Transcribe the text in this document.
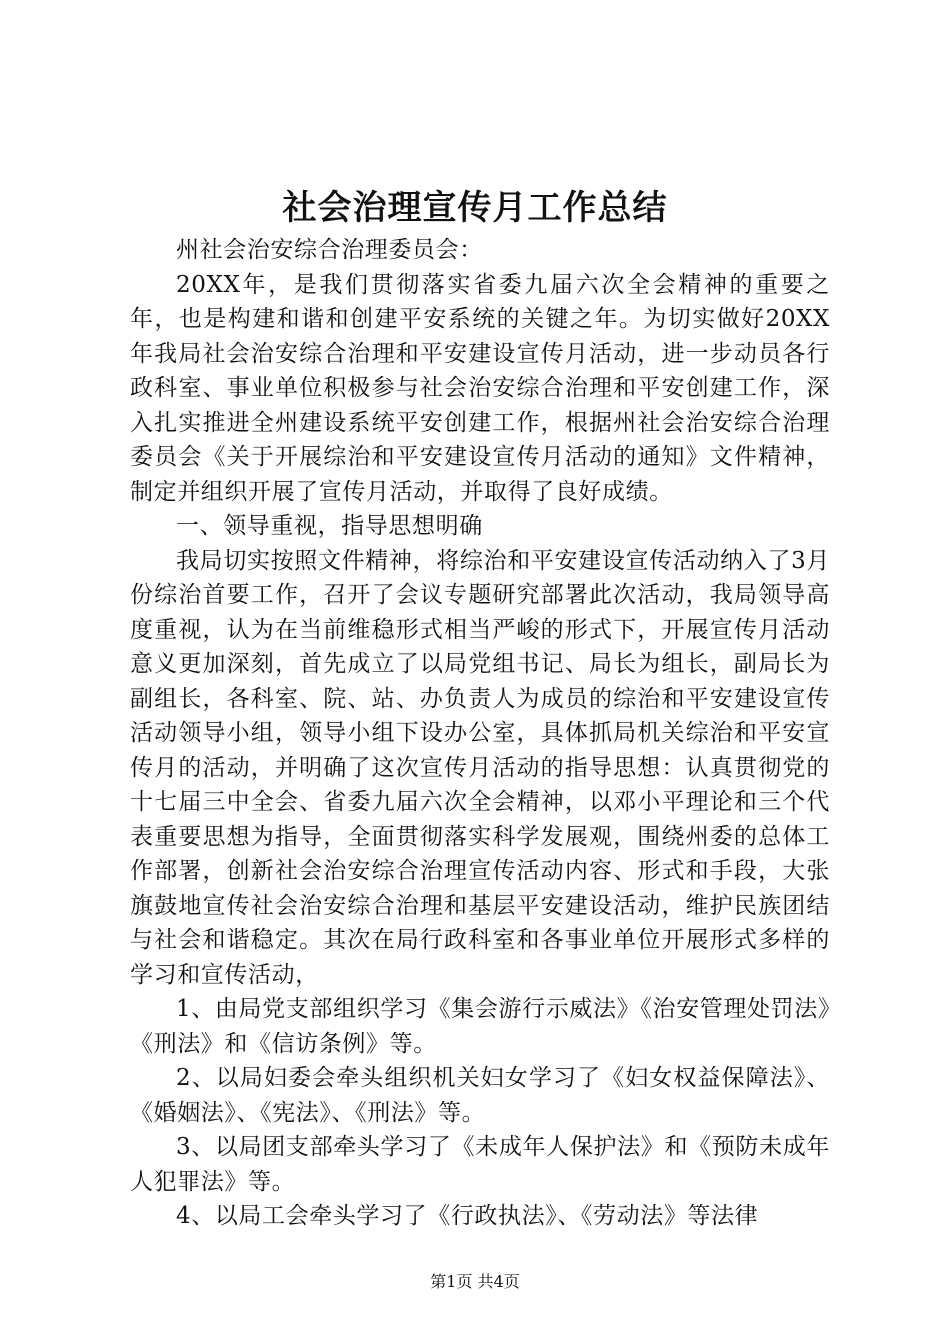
社会治理宣传月工作总结

州社会治安综合治理委员会：

20XX年，是我们贯彻落实省委九届六次全会精神的重要之年，也是构建和谐和创建平安系统的关键之年。为切实做好20XX年我局社会治安综合治理和平安建设宣传月活动，进一步动员各行政科室、事业单位积极参与社会治安综合治理和平安创建工作，深入扎实推进全州建设系统平安创建工作，根据州社会治安综合治理委员会《关于开展综治和平安建设宣传月活动的通知》文件精神，制定并组织开展了宣传月活动，并取得了良好成绩。

一、领导重视，指导思想明确

我局切实按照文件精神，将综治和平安建设宣传活动纳入了3月份综治首要工作，召开了会议专题研究部署此次活动，我局领导高度重视，认为在当前维稳形式相当严峻的形式下，开展宣传月活动意义更加深刻，首先成立了以局党组书记、局长为组长，副局长为副组长，各科室、院、站、办负责人为成员的综治和平安建设宣传活动领导小组，领导小组下设办公室，具体抓局机关综治和平安宣传月的活动，并明确了这次宣传月活动的指导思想：认真贯彻党的十七届三中全会、省委九届六次全会精神，以邓小平理论和三个代表重要思想为指导，全面贯彻落实科学发展观，围绕州委的总体工作部署，创新社会治安综合治理宣传活动内容、形式和手段，大张旗鼓地宣传社会治安综合治理和基层平安建设活动，维护民族团结与社会和谐稳定。其次在局行政科室和各事业单位开展形式多样的学习和宣传活动，

1、由局党支部组织学习《集会游行示威法》《治安管理处罚法》《刑法》和《信访条例》等。

2、以局妇委会牵头组织机关妇女学习了《妇女权益保障法》、《婚姻法》、《宪法》、《刑法》等。

3、以局团支部牵头学习了《未成年人保护法》和《预防未成年人犯罪法》等。

4、以局工会牵头学习了《行政执法》、《劳动法》等法律

第1页 共4页
